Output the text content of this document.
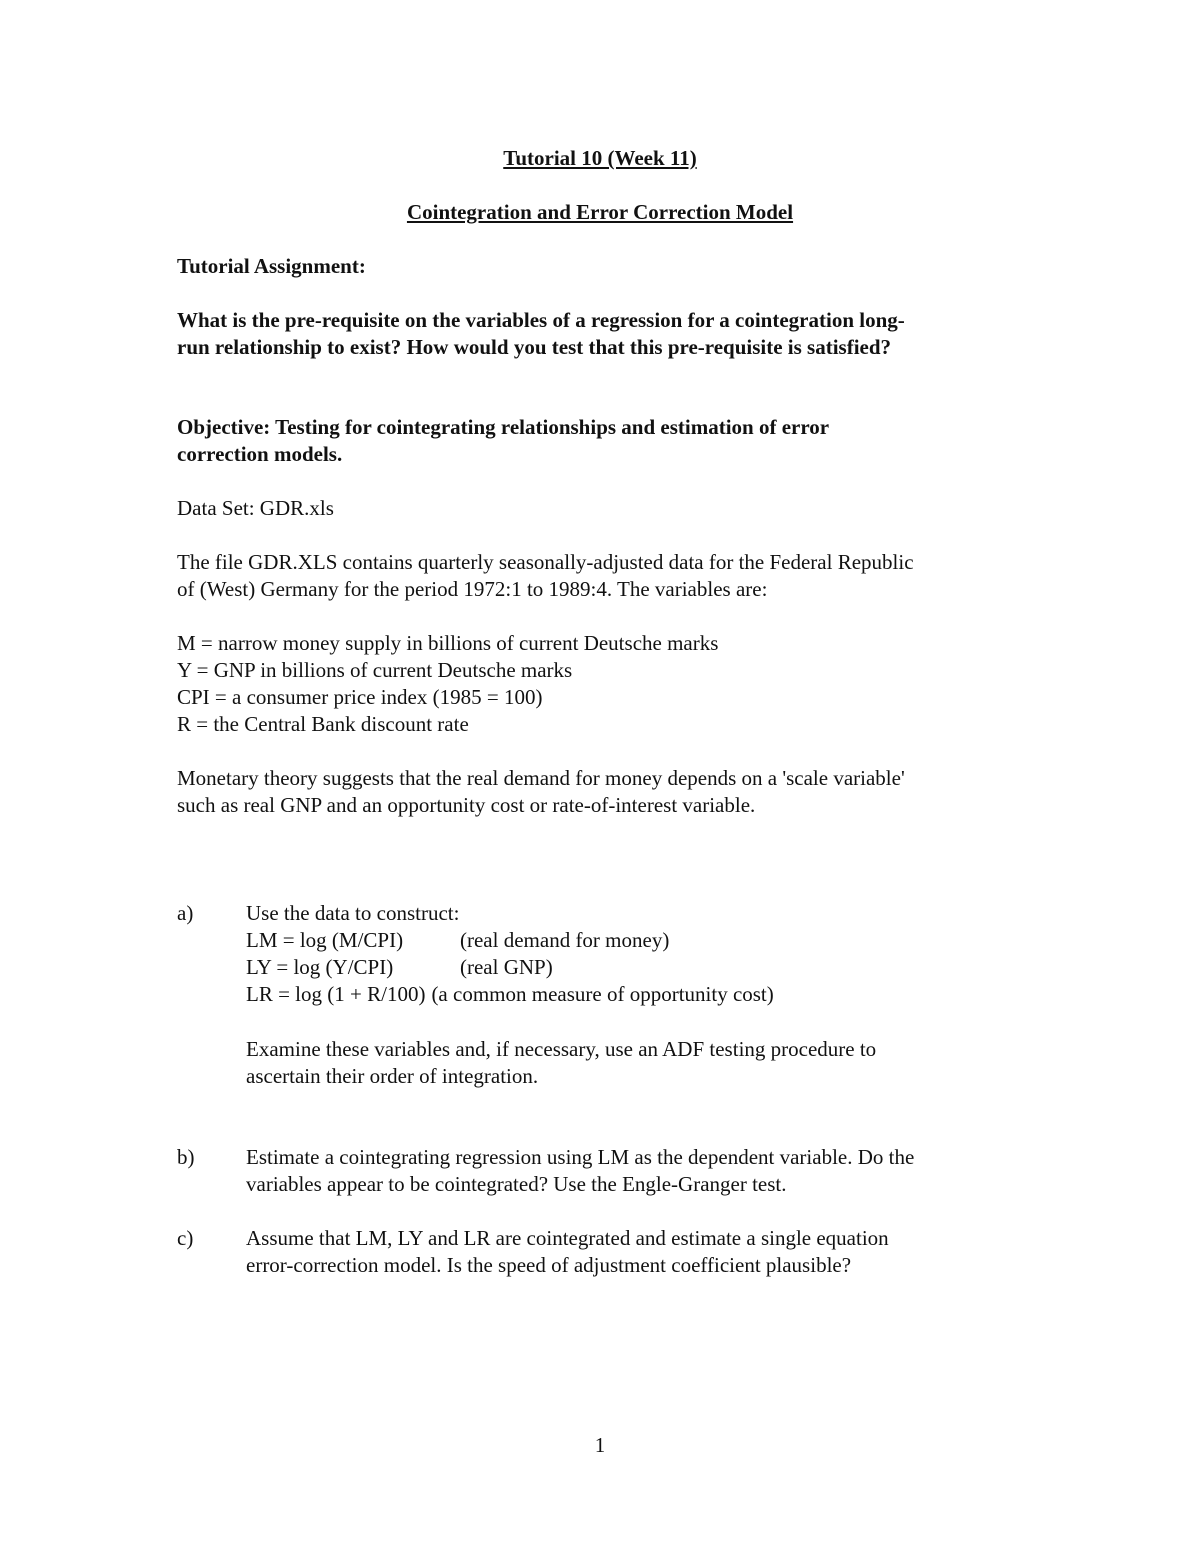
Tutorial 10 (Week 11)
Cointegration and Error Correction Model
Tutorial Assignment:
What is the pre-requisite on the variables of a regression for a cointegration long-
run relationship to exist? How would you test that this pre-requisite is satisfied?
Objective: Testing for cointegrating relationships and estimation of error
correction models.
Data Set: GDR.xls
The file GDR.XLS contains quarterly seasonally-adjusted data for the Federal Republic
of (West) Germany for the period 1972:1 to 1989:4. The variables are:
M = narrow money supply in billions of current Deutsche marks
Y = GNP in billions of current Deutsche marks
CPI = a consumer price index (1985 = 100)
R = the Central Bank discount rate
Monetary theory suggests that the real demand for money depends on a 'scale variable'
such as real GNP and an opportunity cost or rate-of-interest variable.
a)	Use the data to construct:
LM = log (M/CPI)	(real demand for money)
LY = log (Y/CPI)	(real GNP)
LR = log (1 + R/100) (a common measure of opportunity cost)
Examine these variables and, if necessary, use an ADF testing procedure to
ascertain their order of integration.
b)	Estimate a cointegrating regression using LM as the dependent variable. Do the
variables appear to be cointegrated? Use the Engle-Granger test.
c)	Assume that LM, LY and LR are cointegrated and estimate a single equation
error-correction model. Is the speed of adjustment coefficient plausible?
1
